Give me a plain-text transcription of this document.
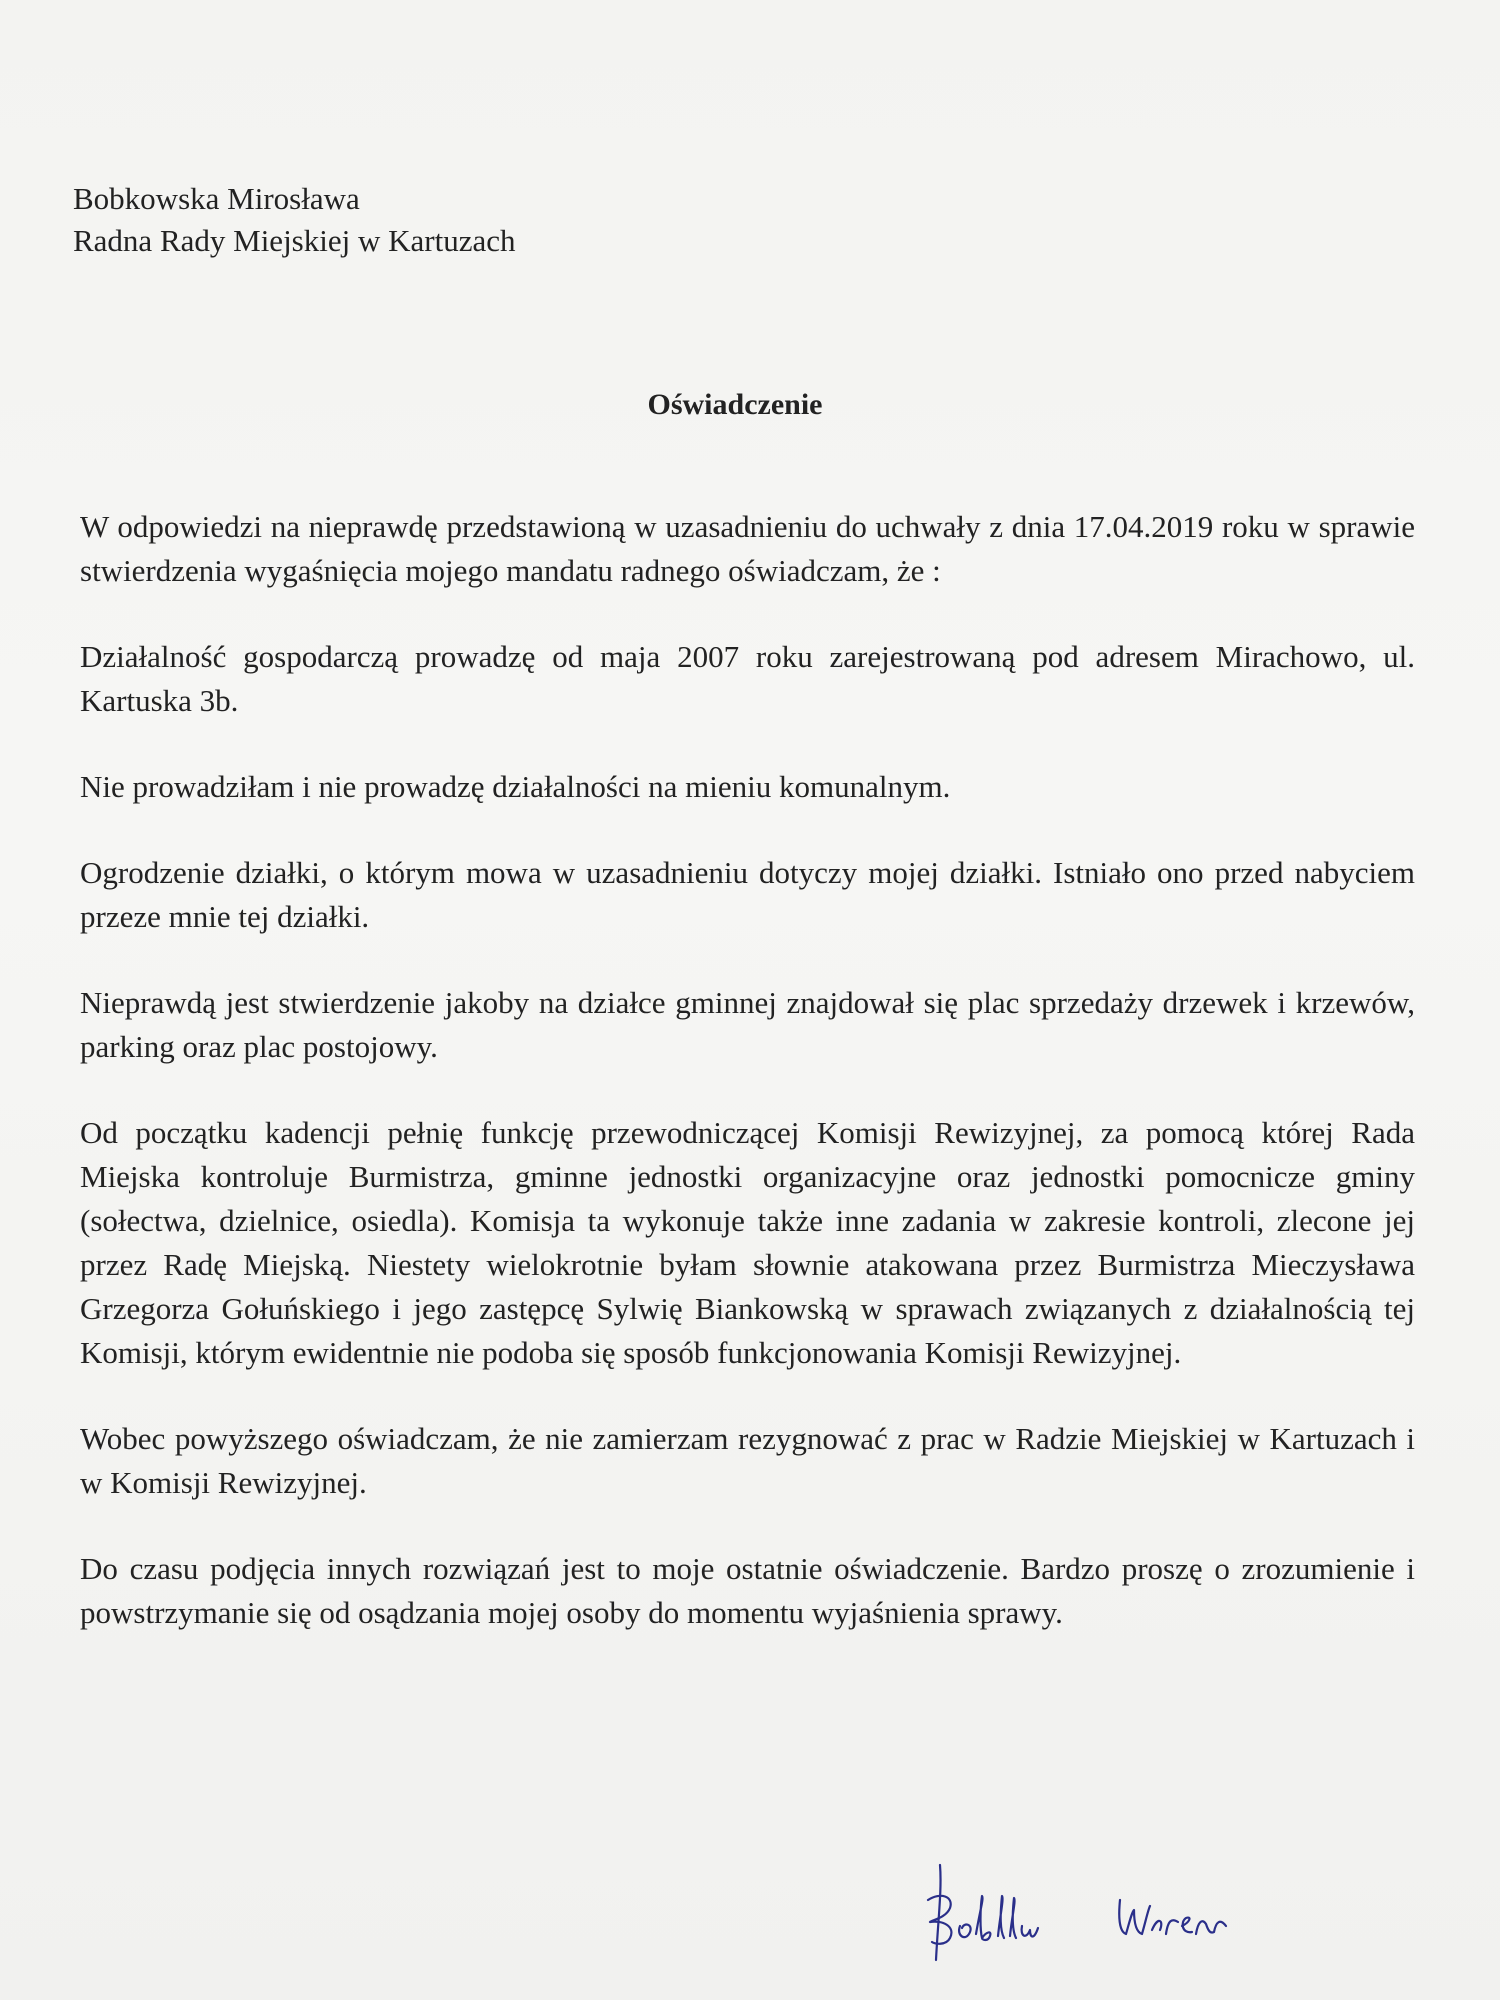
Bobkowska Mirosława
Radna Rady Miejskiej w Kartuzach
Oświadczenie

W odpowiedzi na nieprawdę przedstawioną w uzasadnieniu do uchwały z dnia 17.04.2019 roku w sprawie stwierdzenia wygaśnięcia mojego mandatu radnego oświadczam, że :

Działalność gospodarczą prowadzę od maja 2007 roku zarejestrowaną pod adresem Mirachowo, ul. Kartuska 3b.

Nie prowadziłam i nie prowadzę działalności na mieniu komunalnym.

Ogrodzenie działki, o którym mowa w uzasadnieniu dotyczy mojej działki. Istniało ono przed nabyciem przeze mnie tej działki.

Nieprawdą jest stwierdzenie jakoby na działce gminnej znajdował się plac sprzedaży drzewek i krzewów, parking oraz plac postojowy.

Od początku kadencji pełnię funkcję przewodniczącej Komisji Rewizyjnej, za pomocą której Rada Miejska kontroluje Burmistrza, gminne jednostki organizacyjne oraz jednostki pomocnicze gminy (sołectwa, dzielnice, osiedla). Komisja ta wykonuje także inne zadania w zakresie kontroli, zlecone jej przez Radę Miejską. Niestety wielokrotnie byłam słownie atakowana przez Burmistrza Mieczysława Grzegorza Gołuńskiego i jego zastępcę Sylwię Biankowską w sprawach związanych z działalnością tej Komisji, którym ewidentnie nie podoba się sposób funkcjonowania Komisji Rewizyjnej.

Wobec powyższego oświadczam, że nie zamierzam rezygnować z prac w Radzie Miejskiej w Kartuzach i w Komisji Rewizyjnej.

Do czasu podjęcia innych rozwiązań jest to moje ostatnie oświadczenie. Bardzo proszę o zrozumienie i powstrzymanie się od osądzania mojej osoby do momentu wyjaśnienia sprawy.
